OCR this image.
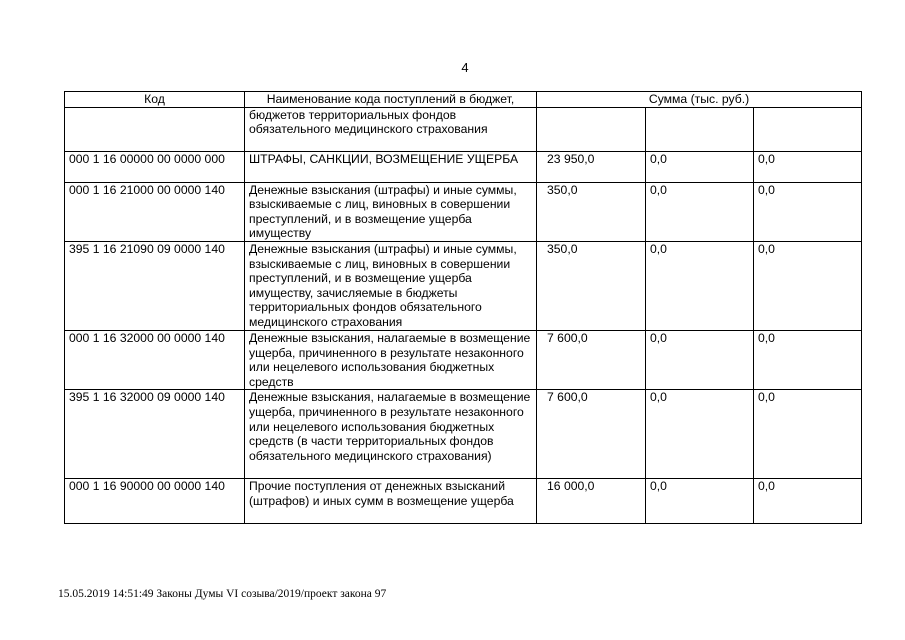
4
Код	Наименование кода поступлений в бюджет,	Сумма (тыс. руб.)		
	бюджетов территориальных фондов обязательного медицинского страхования			
000 1 16 00000 00 0000 000	ШТРАФЫ, САНКЦИИ, ВОЗМЕЩЕНИЕ УЩЕРБА	23 950,0	0,0	0,0
000 1 16 21000 00 0000 140	Денежные взыскания (штрафы) и иные суммы, взыскиваемые с лиц, виновных в совершении преступлений, и в возмещение ущерба имуществу	350,0	0,0	0,0
395 1 16 21090 09 0000 140	Денежные взыскания (штрафы) и иные суммы, взыскиваемые с лиц, виновных в совершении преступлений, и в возмещение ущерба имуществу, зачисляемые в бюджеты территориальных фондов обязательного медицинского страхования	350,0	0,0	0,0
000 1 16 32000 00 0000 140	Денежные взыскания, налагаемые в возмещение ущерба, причиненного в результате незаконного или нецелевого использования бюджетных средств	7 600,0	0,0	0,0
395 1 16 32000 09 0000 140	Денежные взыскания, налагаемые в возмещение ущерба, причиненного в результате незаконного или нецелевого использования бюджетных средств (в части территориальных фондов обязательного медицинского страхования)	7 600,0	0,0	0,0
000 1 16 90000 00 0000 140	Прочие поступления от денежных взысканий (штрафов) и иных сумм в возмещение ущерба	16 000,0	0,0	0,0
15.05.2019 14:51:49 Законы Думы VI созыва/2019/проект закона 97
